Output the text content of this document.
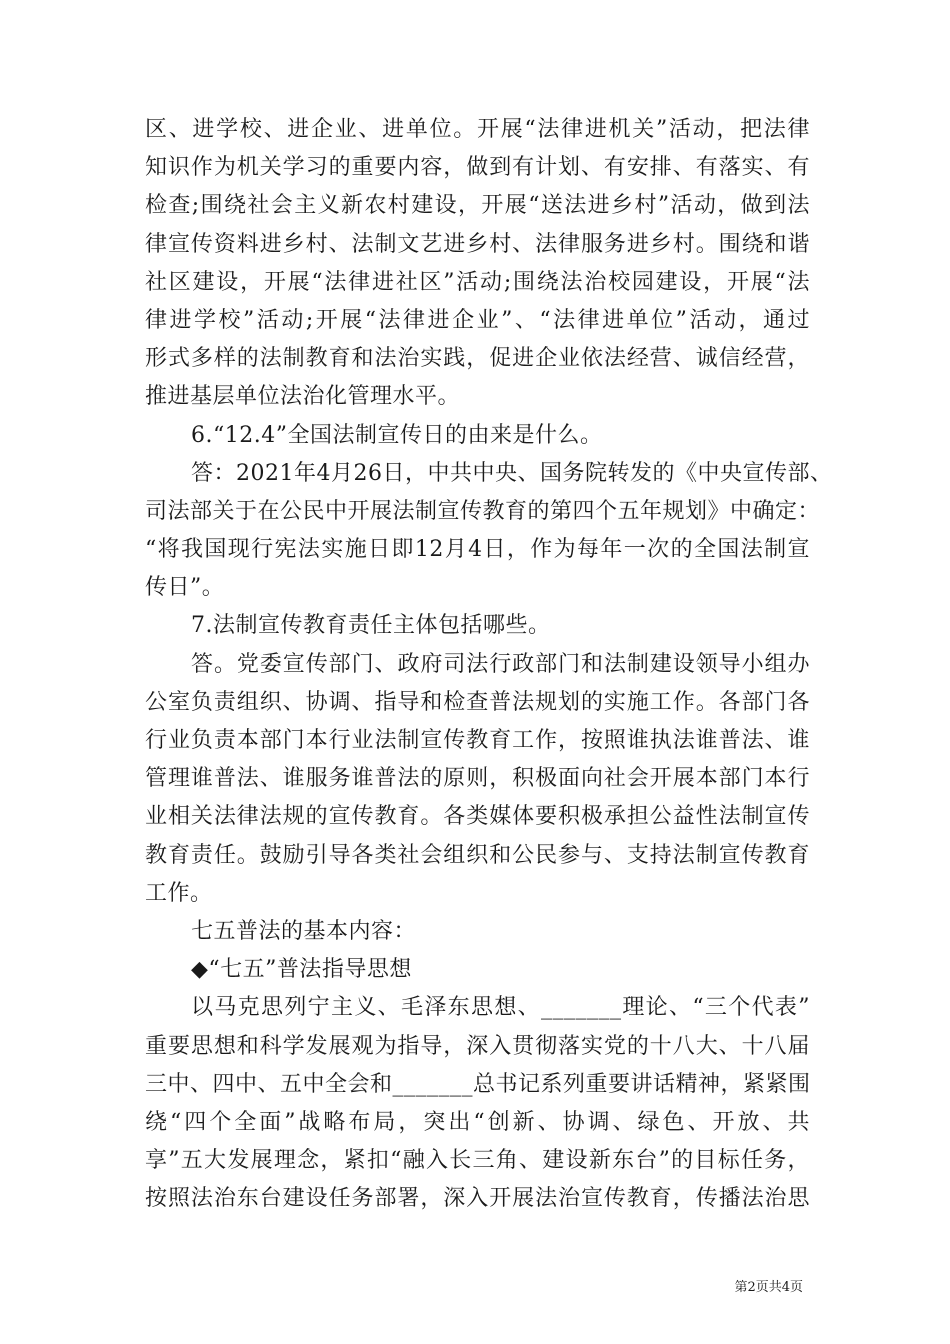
区、进学校、进企业、进单位。开展“法律进机关”活动，把法律
知识作为机关学习的重要内容，做到有计划、有安排、有落实、有
检查;围绕社会主义新农村建设，开展“送法进乡村”活动，做到法
律宣传资料进乡村、法制文艺进乡村、法律服务进乡村。围绕和谐
社区建设，开展“法律进社区”活动;围绕法治校园建设，开展“法
律进学校”活动;开展“法律进企业”、“法律进单位”活动，通过
形式多样的法制教育和法治实践，促进企业依法经营、诚信经营，
推进基层单位法治化管理水平。
6.“12.4”全国法制宣传日的由来是什么。
答：2021年4月26日，中共中央、国务院转发的《中央宣传部、
司法部关于在公民中开展法制宣传教育的第四个五年规划》中确定：
“将我国现行宪法实施日即12月4日，作为每年一次的全国法制宣
传日”。
7.法制宣传教育责任主体包括哪些。
答。党委宣传部门、政府司法行政部门和法制建设领导小组办
公室负责组织、协调、指导和检查普法规划的实施工作。各部门各
行业负责本部门本行业法制宣传教育工作，按照谁执法谁普法、谁
管理谁普法、谁服务谁普法的原则，积极面向社会开展本部门本行
业相关法律法规的宣传教育。各类媒体要积极承担公益性法制宣传
教育责任。鼓励引导各类社会组织和公民参与、支持法制宣传教育
工作。
七五普法的基本内容：
◆“七五”普法指导思想
以马克思列宁主义、毛泽东思想、_______理论、“三个代表”
重要思想和科学发展观为指导，深入贯彻落实党的十八大、十八届
三中、四中、五中全会和_______总书记系列重要讲话精神，紧紧围
绕“四个全面”战略布局，突出“创新、协调、绿色、开放、共
享”五大发展理念，紧扣“融入长三角、建设新东台”的目标任务，
按照法治东台建设任务部署，深入开展法治宣传教育，传播法治思
第2页共4页
